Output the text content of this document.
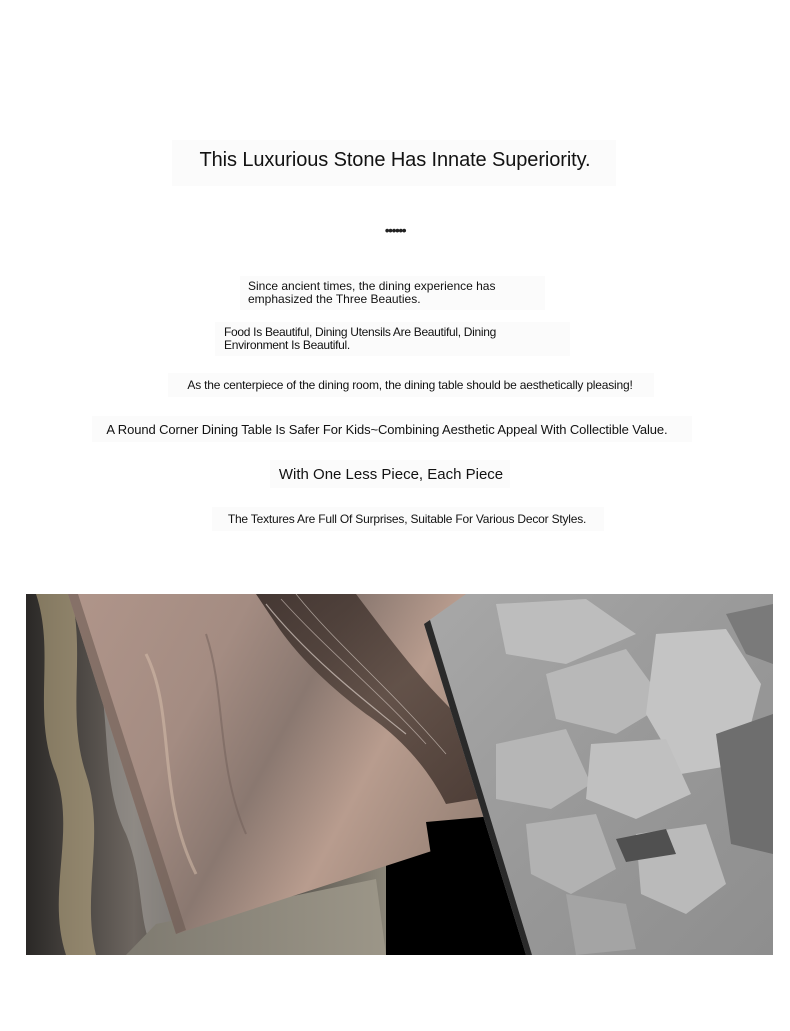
This Luxurious Stone Has Innate Superiority.
••••••

Since ancient times, the dining experience has emphasized the Three Beauties.

Food Is Beautiful, Dining Utensils Are Beautiful, Dining Environment Is Beautiful.

As the centerpiece of the dining room, the dining table should be aesthetically pleasing!

A Round Corner Dining Table Is Safer For Kids~Combining Aesthetic Appeal With Collectible Value.

With One Less Piece, Each Piece

The Textures Are Full Of Surprises, Suitable For Various Decor Styles.
